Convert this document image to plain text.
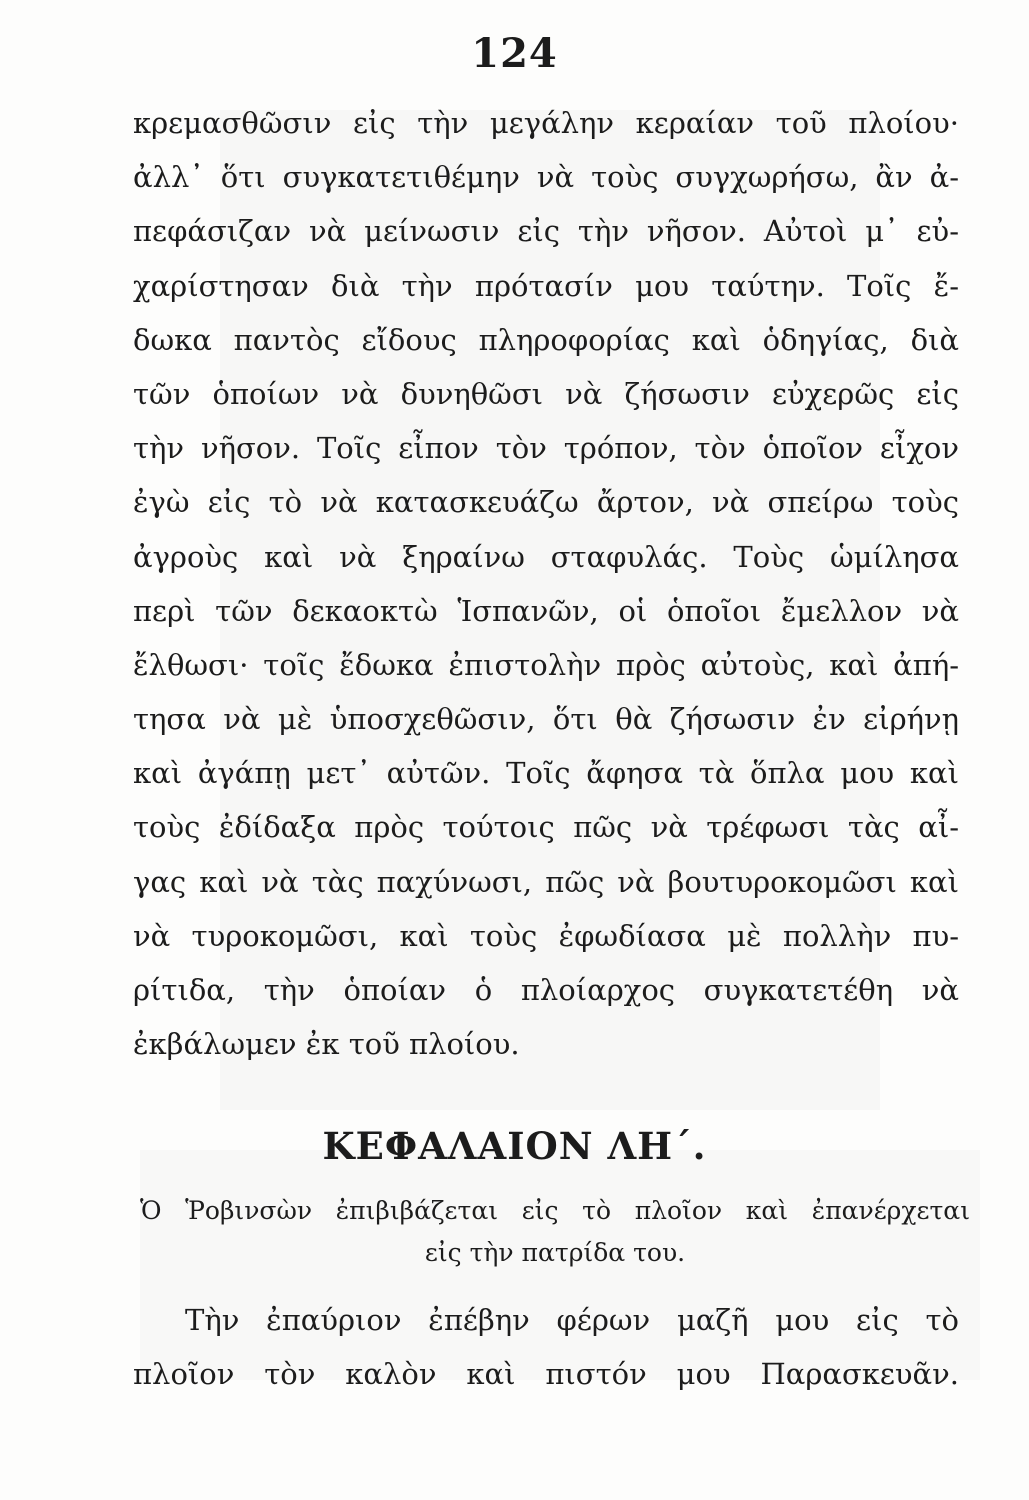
124
κρεμασθῶσιν εἰς τὴν μεγάλην κεραίαν τοῦ πλοίου·
ἀλλ᾽ ὅτι συγκατετιθέμην νὰ τοὺς συγχωρήσω, ἂν ἀ-
πεφάσιζαν νὰ μείνωσιν εἰς τὴν νῆσον. Αὐτοὶ μ᾽ εὐ-
χαρίστησαν διὰ τὴν πρότασίν μου ταύτην. Τοῖς ἔ-
δωκα παντὸς εἴδους πληροφορίας καὶ ὁδηγίας, διὰ
τῶν ὁποίων νὰ δυνηθῶσι νὰ ζήσωσιν εὐχερῶς εἰς
τὴν νῆσον. Τοῖς εἶπον τὸν τρόπον, τὸν ὁποῖον εἶχον
ἐγὼ εἰς τὸ νὰ κατασκευάζω ἄρτον, νὰ σπείρω τοὺς
ἀγροὺς καὶ νὰ ξηραίνω σταφυλάς. Τοὺς ὡμίλησα
περὶ τῶν δεκαοκτὼ Ἱσπανῶν, οἱ ὁποῖοι ἔμελλον νὰ
ἔλθωσι· τοῖς ἔδωκα ἐπιστολὴν πρὸς αὐτοὺς, καὶ ἀπή-
τησα νὰ μὲ ὑποσχεθῶσιν, ὅτι θὰ ζήσωσιν ἐν εἰρήνῃ
καὶ ἀγάπῃ μετ᾽ αὐτῶν. Τοῖς ἄφησα τὰ ὅπλα μου καὶ
τοὺς ἐδίδαξα πρὸς τούτοις πῶς νὰ τρέφωσι τὰς αἶ-
γας καὶ νὰ τὰς παχύνωσι, πῶς νὰ βουτυροκομῶσι καὶ
νὰ τυροκομῶσι, καὶ τοὺς ἐφωδίασα μὲ πολλὴν πυ-
ρίτιδα, τὴν ὁποίαν ὁ πλοίαρχος συγκατετέθη νὰ
ἐκβάλωμεν ἐκ τοῦ πλοίου.
ΚΕΦΑΛΑΙΟΝ ΛΗ΄.
Ὁ Ῥοβινσὼν ἐπιβιβάζεται εἰς τὸ πλοῖον καὶ ἐπανέρχεται
εἰς τὴν πατρίδα του.
Τὴν ἐπαύριον ἐπέβην φέρων μαζῆ μου εἰς τὸ
πλοῖον τὸν καλὸν καὶ πιστόν μου Παρασκευᾶν.
